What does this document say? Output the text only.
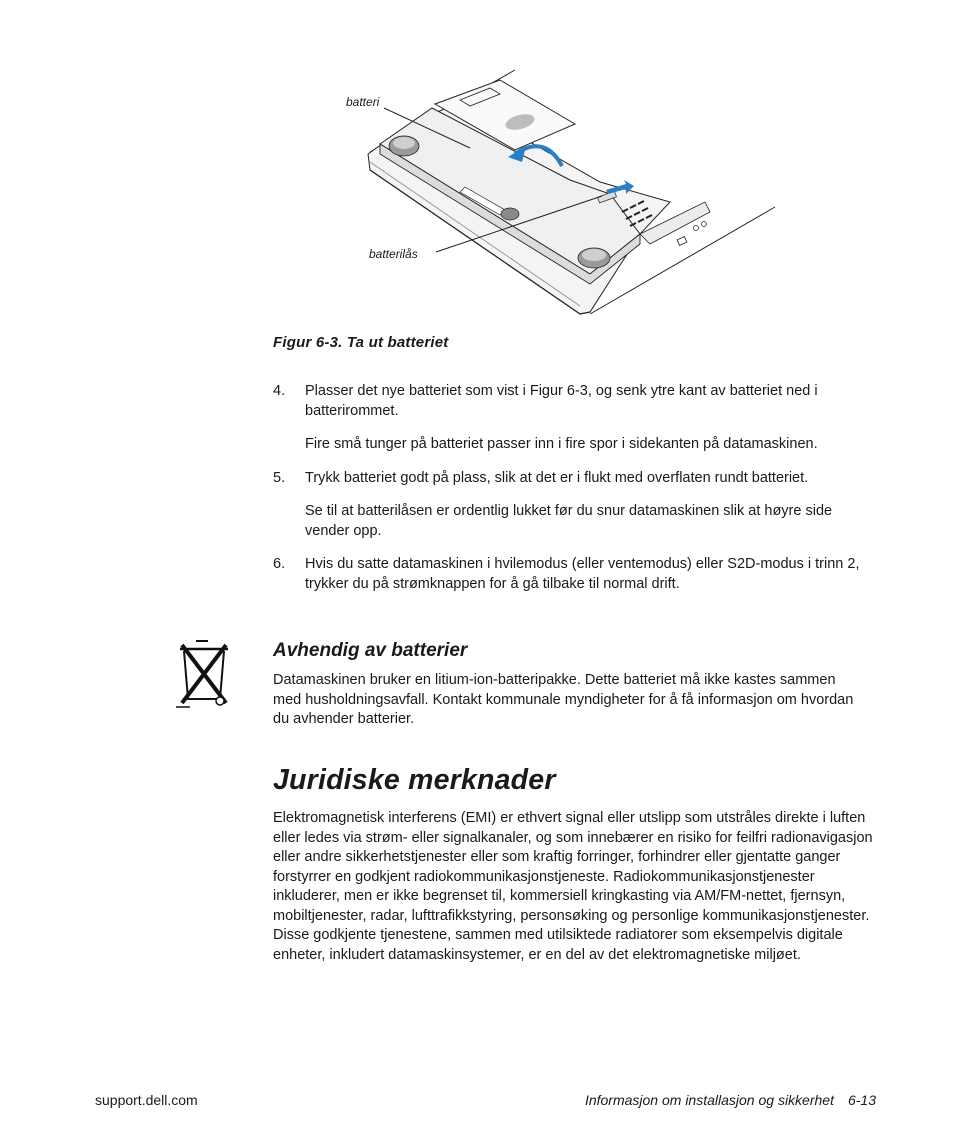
batteri
batterilås
Figur 6-3. Ta ut batteriet
4.	Plasser det nye batteriet som vist i Figur 6-3, og senk ytre kant av batteriet ned i batterirommet.
Fire små tunger på batteriet passer inn i fire spor i sidekanten på datamaskinen.
5.	Trykk batteriet godt på plass, slik at det er i flukt med overflaten rundt batteriet.
Se til at batterilåsen er ordentlig lukket før du snur datamaskinen slik at høyre side vender opp.
6.	Hvis du satte datamaskinen i hvilemodus (eller ventemodus) eller S2D-modus i trinn 2, trykker du på strømknappen for å gå tilbake til normal drift.
Avhendig av batterier
Datamaskinen bruker en litium-ion-batteripakke. Dette batteriet må ikke kastes sammen med husholdningsavfall. Kontakt kommunale myndigheter for å få informasjon om hvordan du avhender batterier.
Juridiske merknader
Elektromagnetisk interferens (EMI) er ethvert signal eller utslipp som utstråles direkte i luften eller ledes via strøm- eller signalkanaler, og som innebærer en risiko for feilfri radionavigasjon eller andre sikkerhetstjenester eller som kraftig forringer, forhindrer eller gjentatte ganger forstyrrer en godkjent radiokommunikasjonstjeneste. Radiokommunikasjonstjenester inkluderer, men er ikke begrenset til, kommersiell kringkasting via AM/FM-nettet, fjernsyn, mobiltjenester, radar, lufttrafikkstyring, personsøking og personlige kommunikasjonstjenester. Disse godkjente tjenestene, sammen med utilsiktede radiatorer som eksempelvis digitale enheter, inkludert datamaskinsystemer, er en del av det elektromagnetiske miljøet.
support.dell.com	Informasjon om installasjon og sikkerhet 6-13
